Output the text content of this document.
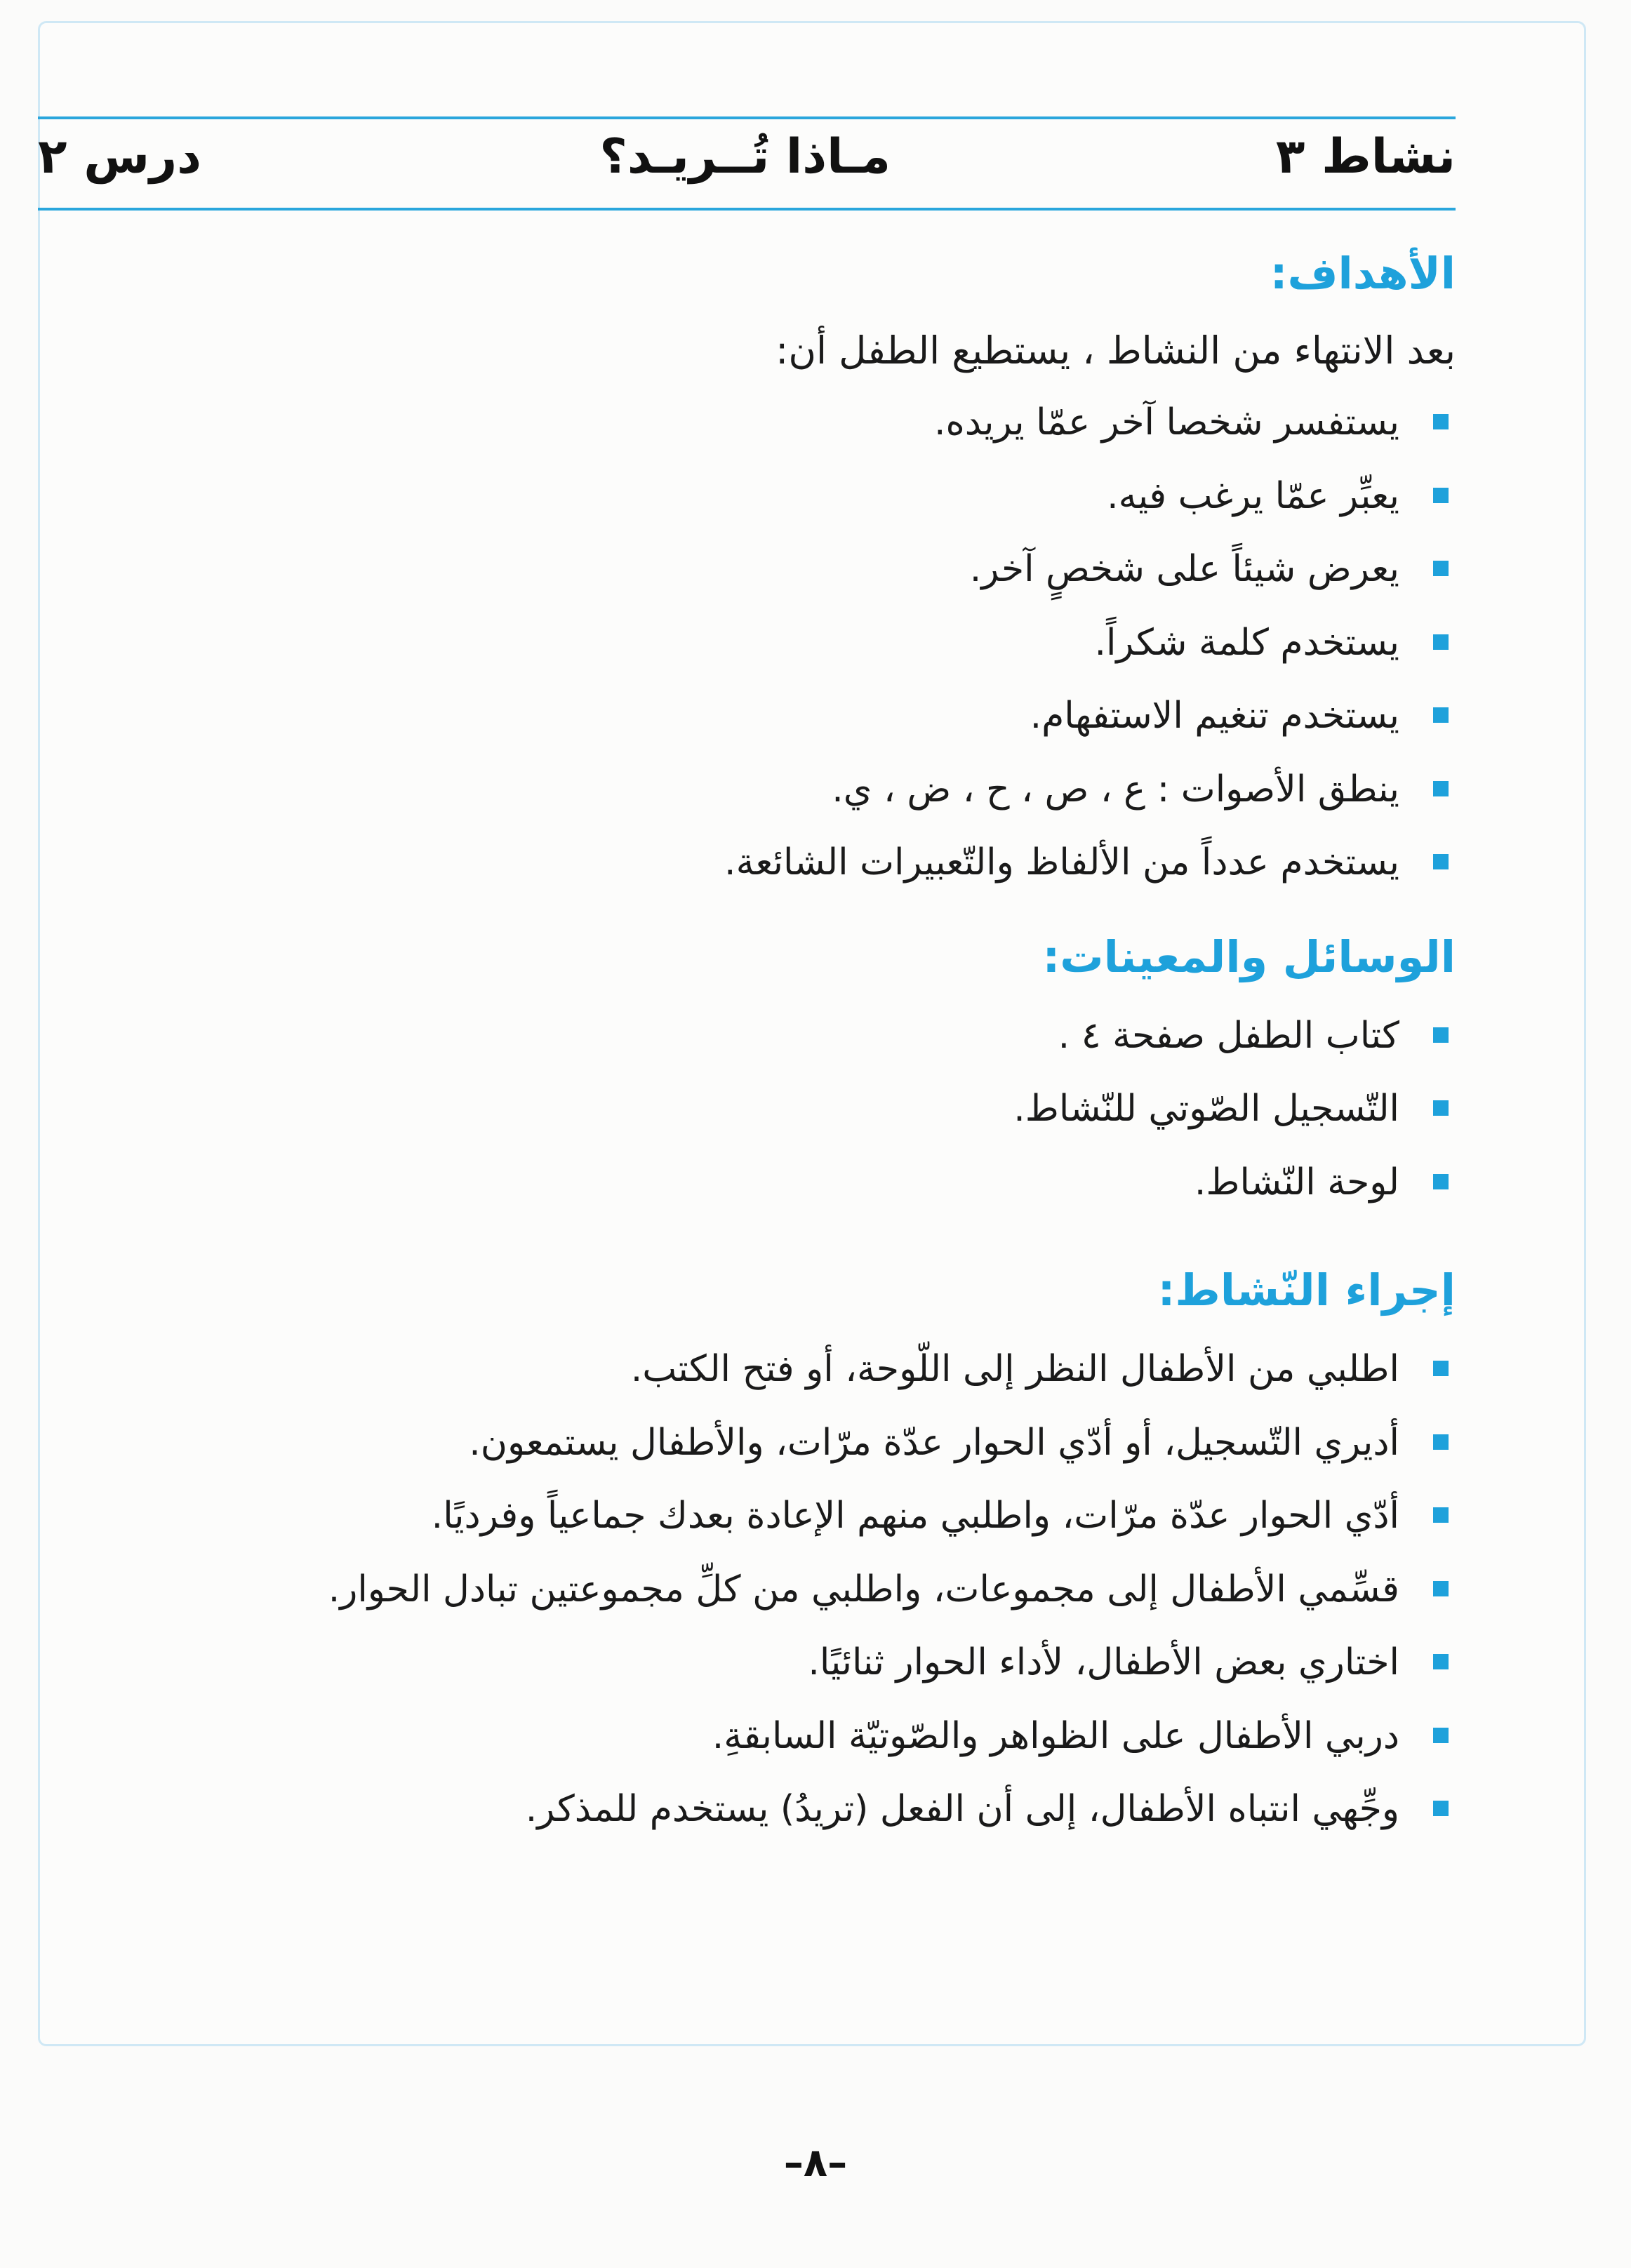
نشاط ٣
مـاذا تُــريـد؟
درس ٢
الأهداف:

بعد الانتهاء من النشاط ، يستطيع الطفل أن:

يستفسر شخصا آخر عمّا يريده.
يعبِّر عمّا يرغب فيه.
يعرض شيئاً على شخصٍ آخر.
يستخدم كلمة شكراً.
يستخدم تنغيم الاستفهام.
ينطق الأصوات : ع ، ص ، ح ، ض ، ي.
يستخدم عدداً من الألفاظ والتّعبيرات الشائعة.
الوسائل والمعينات:
كتاب الطفل صفحة ٤ .
التّسجيل الصّوتي للنّشاط.
لوحة النّشاط.
إجراء النّشاط:
اطلبي من الأطفال النظر إلى اللّوحة، أو فتح الكتب.
أديري التّسجيل، أو أدّي الحوار عدّة مرّات، والأطفال يستمعون.
أدّي الحوار عدّة مرّات، واطلبي منهم الإعادة بعدك جماعياً وفرديًا.
قسِّمي الأطفال إلى مجموعات، واطلبي من كلِّ مجموعتين تبادل الحوار.
اختاري بعض الأطفال، لأداء الحوار ثنائيًا.
دربي الأطفال على الظواهر والصّوتيّة السابقةِ.
وجِّهي انتباه الأطفال، إلى أن الفعل (تريدُ) يستخدم للمذكر.
–٨–
